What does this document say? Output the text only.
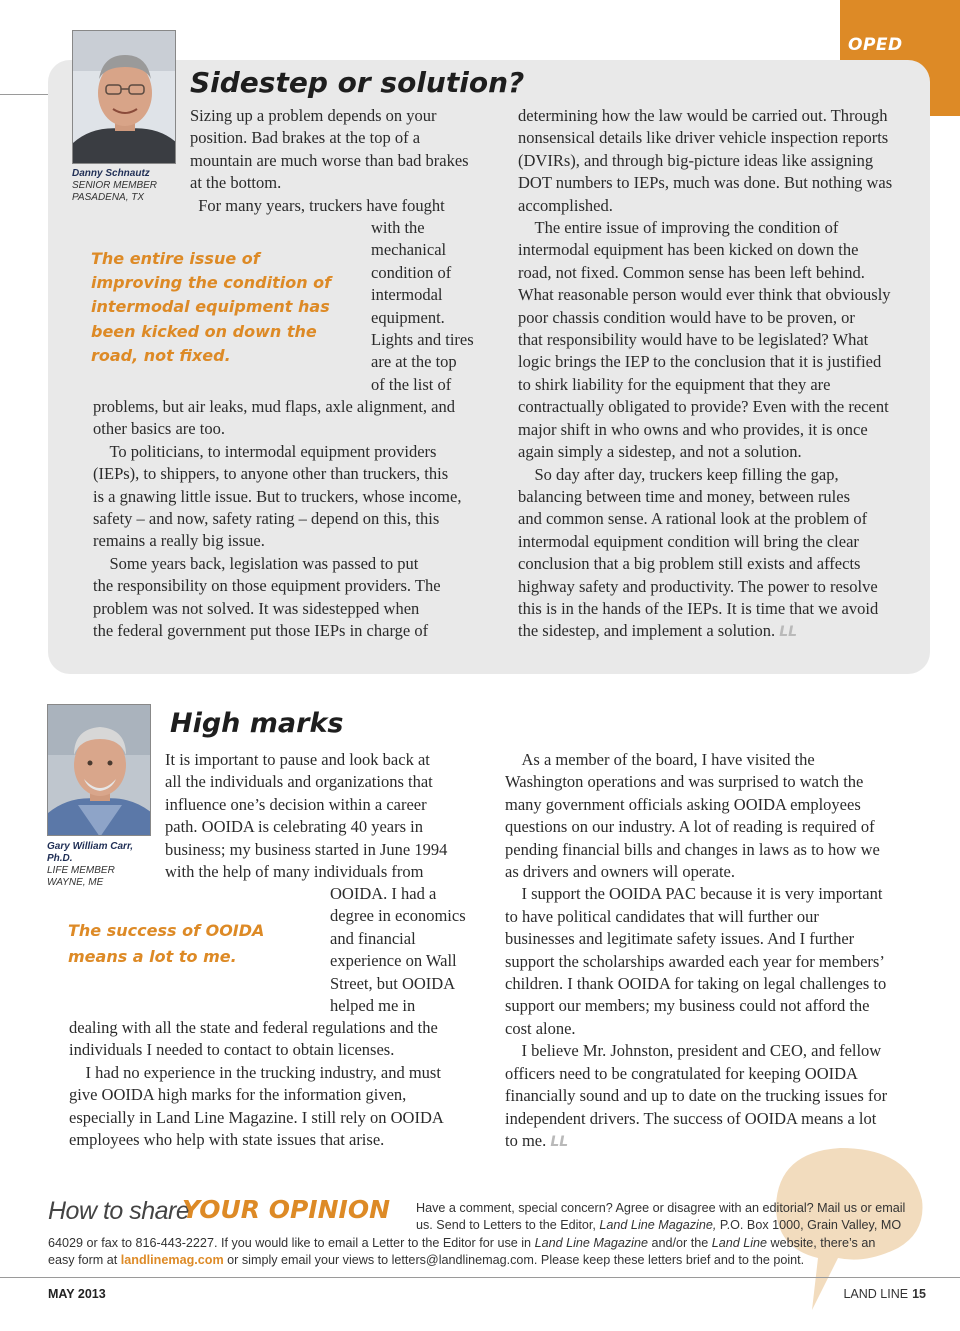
OPED
Danny Schnautz
SENIOR MEMBER
PASADENA, TX
Sidestep or solution?

The entire issue of

improving the condition of

intermodal equipment has

been kicked on down the

road, not fixed.

Sizing up a problem depends on your

position. Bad brakes at the top of a

mountain are much worse than bad brakes

at the bottom.

 For many years, truckers have fought

with the

mechanical

condition of

intermodal

equipment.

Lights and tires

are at the top

of the list of

problems, but air leaks, mud flaps, axle alignment, and

other basics are too.

 To politicians, to intermodal equipment providers

(IEPs), to shippers, to anyone other than truckers, this

is a gnawing little issue. But to truckers, whose income,

safety – and now, safety rating – depend on this, this

remains a really big issue.

 Some years back, legislation was passed to put

the responsibility on those equipment providers. The

problem was not solved. It was sidestepped when

the federal government put those IEPs in charge of

determining how the law would be carried out. Through

nonsensical details like driver vehicle inspection reports

(DVIRs), and through big-picture ideas like assigning

DOT numbers to IEPs, much was done. But nothing was

accomplished.

 The entire issue of improving the condition of

intermodal equipment has been kicked on down the

road, not fixed. Common sense has been left behind.

What reasonable person would ever think that obviously

poor chassis condition would have to be proven, or

that responsibility would have to be legislated? What

logic brings the IEP to the conclusion that it is justified

to shirk liability for the equipment that they are

contractually obligated to provide? Even with the recent

major shift in who owns and who provides, it is once

again simply a sidestep, and not a solution.

 So day after day, truckers keep filling the gap,

balancing between time and money, between rules

and common sense. A rational look at the problem of

intermodal equipment condition will bring the clear

conclusion that a big problem still exists and affects

highway safety and productivity. The power to resolve

this is in the hands of the IEPs. It is time that we avoid

the sidestep, and implement a solution. LL

Gary William Carr,
Ph.D.
LIFE MEMBER
WAYNE, ME
High marks

The success of OOIDA

means a lot to me.

It is important to pause and look back at

all the individuals and organizations that

influence one’s decision within a career

path. OOIDA is celebrating 40 years in

business; my business started in June 1994

with the help of many individuals from

OOIDA. I had a

degree in economics

and financial

experience on Wall

Street, but OOIDA

helped me in

dealing with all the state and federal regulations and the

individuals I needed to contact to obtain licenses.

 I had no experience in the trucking industry, and must

give OOIDA high marks for the information given,

especially in Land Line Magazine. I still rely on OOIDA

employees who help with state issues that arise.

 As a member of the board, I have visited the

Washington operations and was surprised to watch the

many government officials asking OOIDA employees

questions on our industry. A lot of reading is required of

pending financial bills and changes in laws as to how we

as drivers and owners will operate.

 I support the OOIDA PAC because it is very important

to have political candidates that will further our

businesses and legitimate safety issues. And I further

support the scholarships awarded each year for members’

children. I thank OOIDA for taking on legal challenges to

support our members; my business could not afford the

cost alone.

 I believe Mr. Johnston, president and CEO, and fellow

officers need to be congratulated for keeping OOIDA

financially sound and up to date on the trucking issues for

independent drivers. The success of OOIDA means a lot

to me. LL

How to share
YOUR OPINION Have a comment, special concern? Agree or disagree with an editorial? Mail us or email

us. Send to Letters to the Editor, Land Line Magazine, P.O. Box 1000, Grain Valley, MO

64029 or fax to 816-443-2227. If you would like to email a Letter to the Editor for use in Land Line Magazine and/or the Land Line website, there’s an

easy form at landlinemag.com or simply email your views to letters@landlinemag.com. Please keep these letters brief and to the point.

MAY 2013	LAND LINE 15
